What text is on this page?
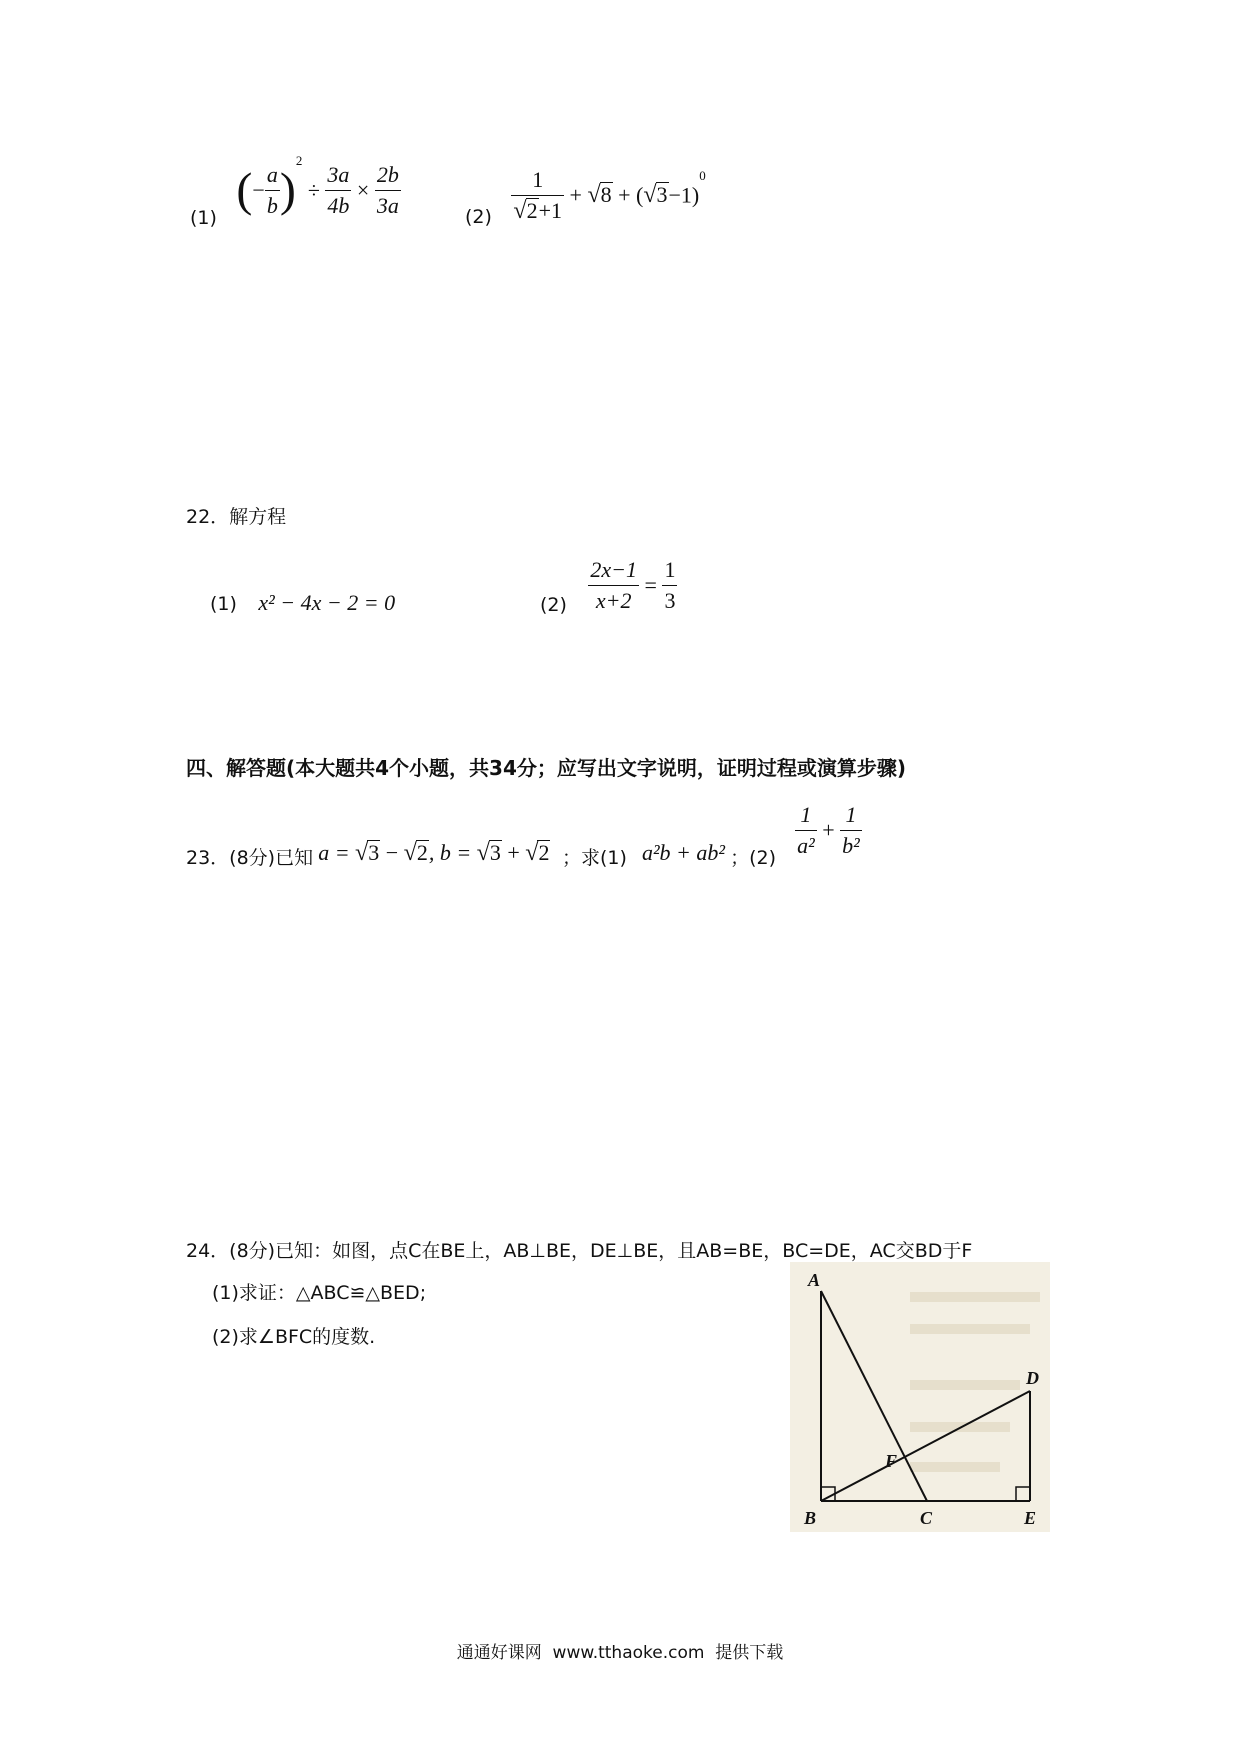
(1) (− $\frac{a}{b} )^2 \div \frac{3a}{4b} \times \frac{2b}{3a}$	$(2) \frac{1}{√2+1} + √8 + (√3-1)^0$
22．解方程
(1) x² − 4x − 2 = 0	$(2) \frac{2x-1}{x+2} = \frac{1}{3}$
四、解答题(本大题共4个小题，共34分；应写出文字说明，证明过程或演算步骤)
23．(8分)已知 a = √3 − √2, b = √3 + √2 ；求(1) a²b + ab² ；$(2) \frac{1}{\text{a²}} + \frac{1}{\text{b²}}$
24．(8分)已知：如图，点C在BE上，AB⊥BE，DE⊥BE，且AB=BE，BC=DE，AC交BD于F
(1)求证：△ABC≌△BED;
(2)求∠BFC的度数.
A
B	C
D
E
F
通通好课网  www.tthaoke.com  提供下载
